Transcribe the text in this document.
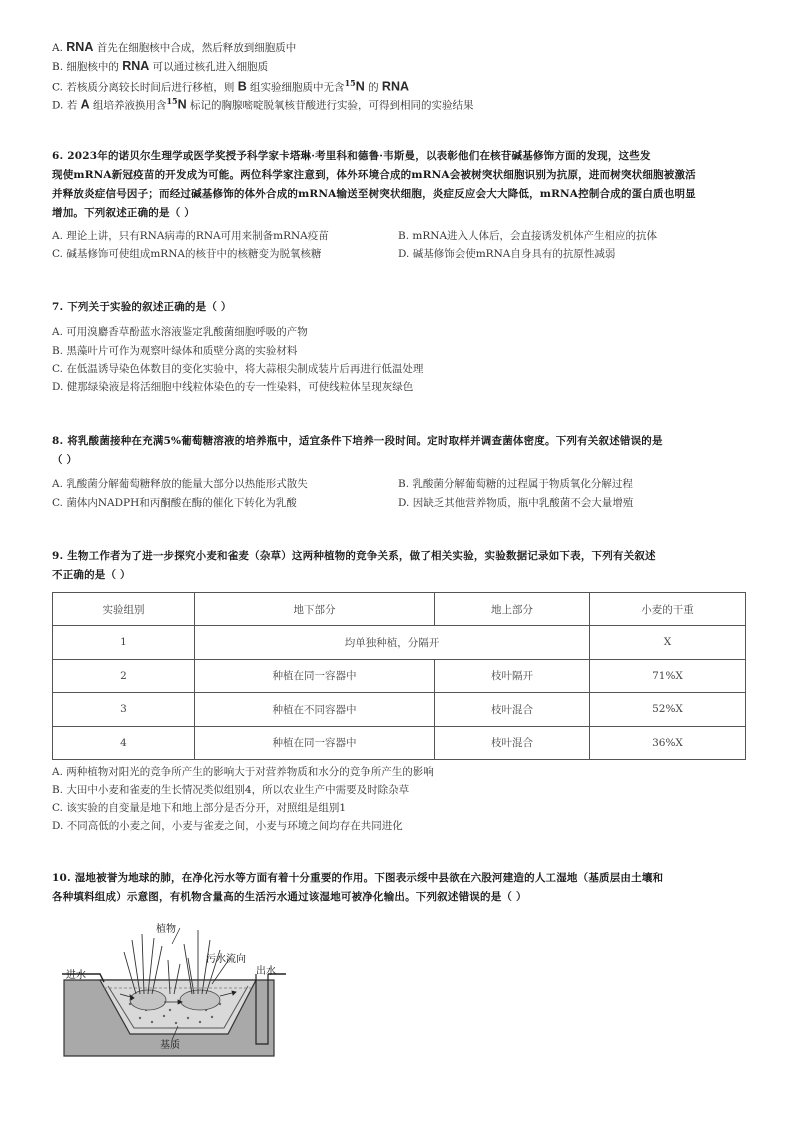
A. RNA 首先在细胞核中合成，然后释放到细胞质中
B. 细胞核中的 RNA 可以通过核孔进入细胞质
C. 若核质分离较长时间后进行移植，则 B 组实验细胞质中无含$^{15}$N 的 RNA
D. 若 A 组培养液换用含$^{15}$N 标记的胸腺嘧啶脱氧核苷酸进行实验，可得到相同的实验结果
6. 2023年的诺贝尔生理学或医学奖授予科学家卡塔琳·考里科和德鲁·韦斯曼，以表彰他们在核苷碱基修饰方面的发现，这些发
现使mRNA新冠疫苗的开发成为可能。两位科学家注意到，体外环境合成的mRNA会被树突状细胞识别为抗原，进而树突状细胞被激活
并释放炎症信号因子；而经过碱基修饰的体外合成的mRNA输送至树突状细胞，炎症反应会大大降低，mRNA控制合成的蛋白质也明显
增加。下列叙述正确的是（ ）
A. 理论上讲，只有RNA病毒的RNA可用来制备mRNA疫苗	B. mRNA进入人体后，会直接诱发机体产生相应的抗体
C. 碱基修饰可使组成mRNA的核苷中的核糖变为脱氧核糖	D. 碱基修饰会使mRNA自身具有的抗原性减弱
7. 下列关于实验的叙述正确的是（ ）
A. 可用溴麝香草酚蓝水溶液鉴定乳酸菌细胞呼吸的产物
B. 黑藻叶片可作为观察叶绿体和质壁分离的实验材料
C. 在低温诱导染色体数目的变化实验中，将大蒜根尖制成装片后再进行低温处理
D. 健那绿染液是将活细胞中线粒体染色的专一性染料，可使线粒体呈现灰绿色
8. 将乳酸菌接种在充满5%葡萄糖溶液的培养瓶中，适宜条件下培养一段时间。定时取样并调查菌体密度。下列有关叙述错误的是
（ ）
A. 乳酸菌分解葡萄糖释放的能量大部分以热能形式散失	B. 乳酸菌分解葡萄糖的过程属于物质氧化分解过程
C. 菌体内NADPH和丙酮酸在酶的催化下转化为乳酸	D. 因缺乏其他营养物质，瓶中乳酸菌不会大量增殖
9. 生物工作者为了进一步探究小麦和雀麦（杂草）这两种植物的竞争关系，做了相关实验，实验数据记录如下表，下列有关叙述
不正确的是（ ）
实验组别	地下部分	地上部分	小麦的干重
1	均单独种植，分隔开		X
2	种植在同一容器中	枝叶隔开	71%X
3	种植在不同容器中	枝叶混合	52%X
4	种植在同一容器中	枝叶混合	36%X
A. 两种植物对阳光的竞争所产生的影响大于对营养物质和水分的竞争所产生的影响
B. 大田中小麦和雀麦的生长情况类似组别4，所以农业生产中需要及时除杂草
C. 该实验的自变量是地下和地上部分是否分开，对照组是组别1
D. 不同高低的小麦之间，小麦与雀麦之间，小麦与环境之间均存在共同进化
10. 湿地被誉为地球的肺，在净化污水等方面有着十分重要的作用。下图表示绥中县欲在六股河建造的人工湿地（基质层由土壤和
各种填料组成）示意图，有机物含量高的生活污水通过该湿地可被净化输出。下列叙述错误的是（ ）
植物
污水流向
进水	出水
基质
